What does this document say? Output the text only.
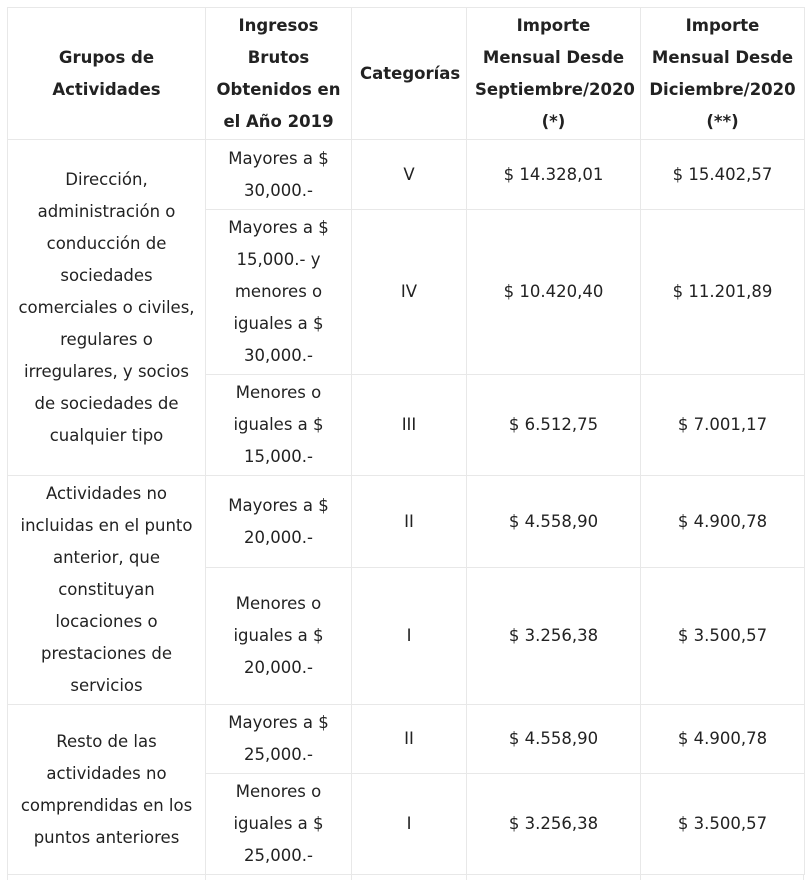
Grupos de Actividades	Ingresos Brutos Obtenidos en el Año 2019	Categorías	Importe Mensual Desde Septiembre/2020 (*)	Importe Mensual Desde Diciembre/2020 (**)
Dirección, administración o conducción de sociedades comerciales o civiles, regulares o irregulares, y socios de sociedades de cualquier tipo	Mayores a $ 30,000.-	V	$ 14.328,01	$ 15.402,57
	Mayores a $ 15,000.- y menores o iguales a $ 30,000.-	IV	$ 10.420,40	$ 11.201,89
	Menores o iguales a $ 15,000.-	III	$ 6.512,75	$ 7.001,17
Actividades no incluidas en el punto anterior, que constituyan locaciones o prestaciones de servicios	Mayores a $ 20,000.-	II	$ 4.558,90	$ 4.900,78
	Menores o iguales a $ 20,000.-	I	$ 3.256,38	$ 3.500,57
Resto de las actividades no comprendidas en los puntos anteriores	Mayores a $ 25,000.-	II	$ 4.558,90	$ 4.900,78
	Menores o iguales a $ 25,000.-	I	$ 3.256,38	$ 3.500,57
